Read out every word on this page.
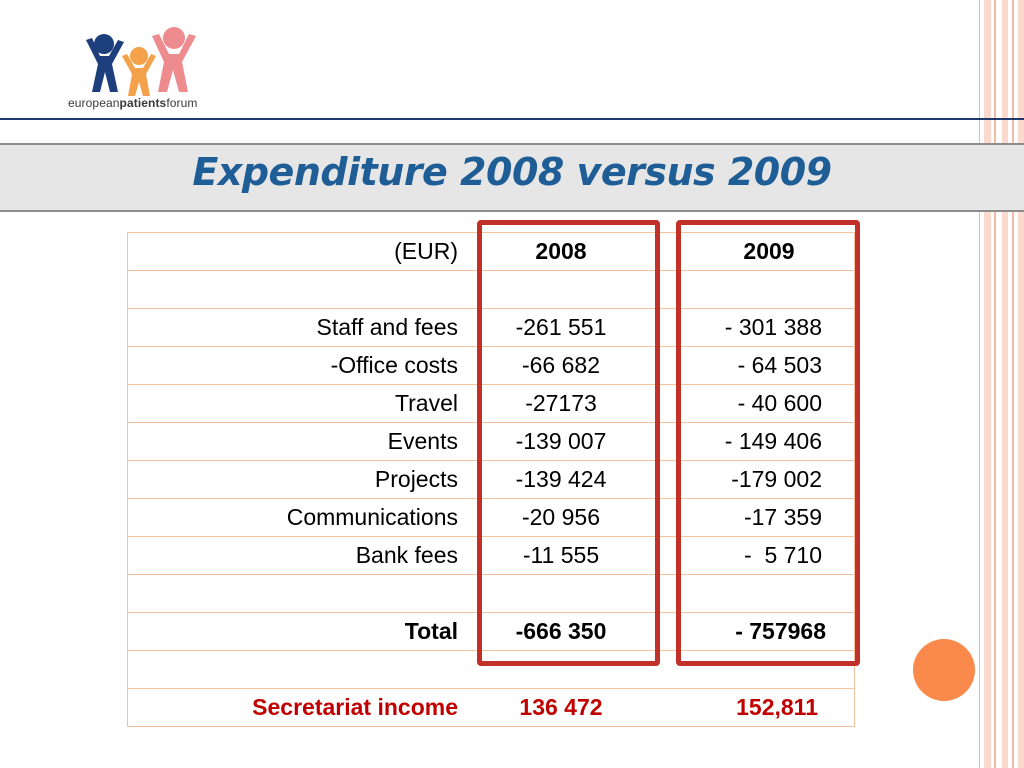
europeanpatientsforum
Expenditure 2008 versus 2009
(EUR)	2008	2009

Staff and fees	-261 551	- 301 388
-Office costs	-66 682	- 64 503
Travel	-27173	- 40 600
Events	-139 007	- 149 406
Projects	-139 424	-179 002
Communications	-20 956	-17 359
Bank fees	-11 555	-  5 710

Total	-666 350	- 757968

Secretariat income	136 472	152,811
